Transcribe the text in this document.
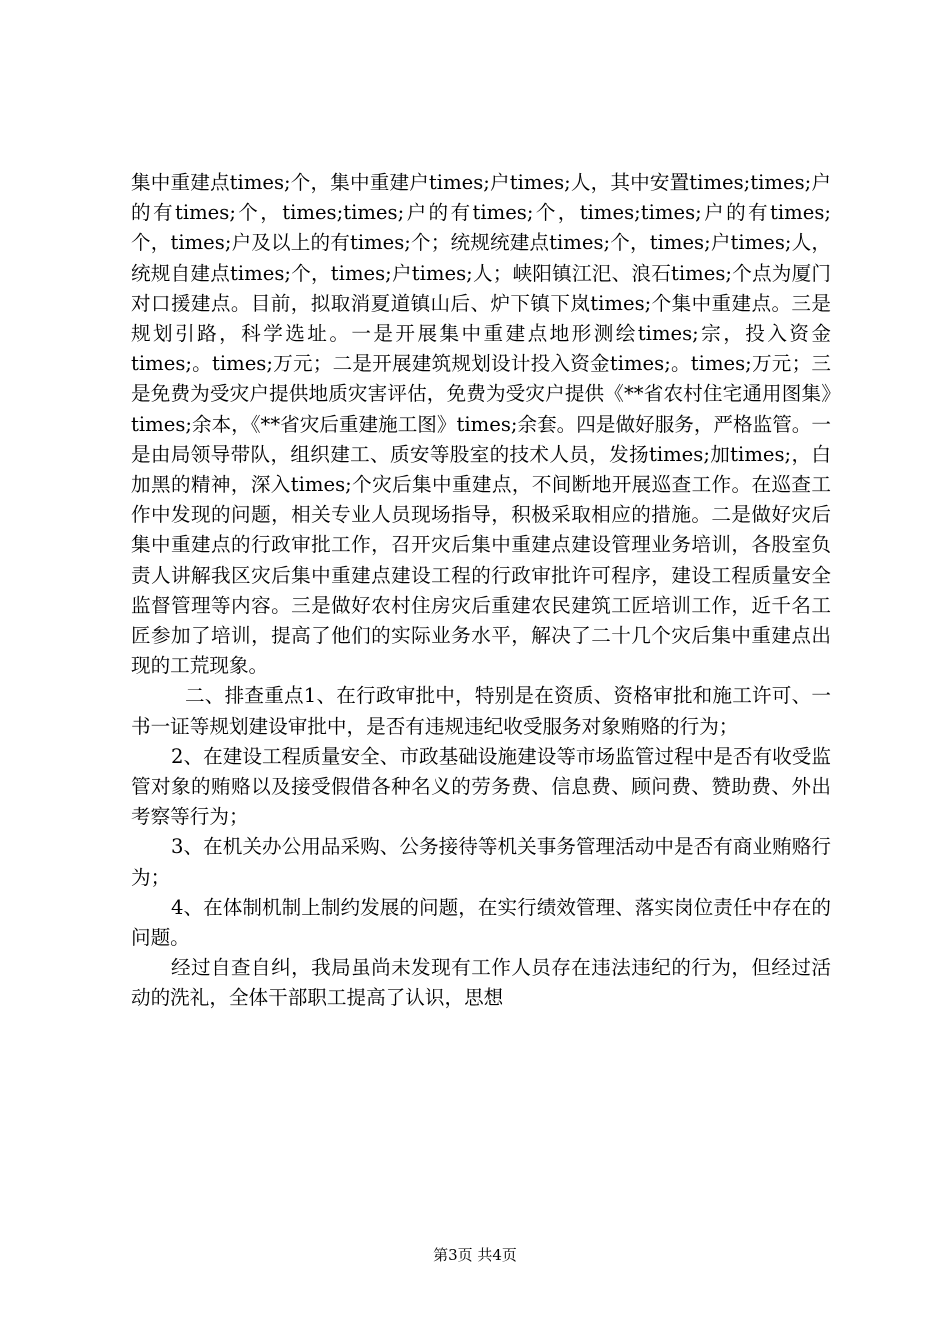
集中重建点times;个，集中重建户times;户times;人，其中安置times;times;户的有times;个，times;times;户的有times;个，times;times;户的有times;个，times;户及以上的有times;个；统规统建点times;个，times;户times;人，统规自建点times;个，times;户times;人；峡阳镇江汜、浪石times;个点为厦门对口援建点。目前，拟取消夏道镇山后、炉下镇下岚times;个集中重建点。三是规划引路，科学选址。一是开展集中重建点地形测绘times;宗，投入资金times;。times;万元；二是开展建筑规划设计投入资金times;。times;万元；三是免费为受灾户提供地质灾害评估，免费为受灾户提供《**省农村住宅通用图集》times;余本，《**省灾后重建施工图》times;余套。四是做好服务，严格监管。一是由局领导带队，组织建工、质安等股室的技术人员，发扬times;加times;，白加黑的精神，深入times;个灾后集中重建点，不间断地开展巡查工作。在巡查工作中发现的问题，相关专业人员现场指导，积极采取相应的措施。二是做好灾后集中重建点的行政审批工作，召开灾后集中重建点建设管理业务培训，各股室负责人讲解我区灾后集中重建点建设工程的行政审批许可程序，建设工程质量安全监督管理等内容。三是做好农村住房灾后重建农民建筑工匠培训工作，近千名工匠参加了培训，提高了他们的实际业务水平，解决了二十几个灾后集中重建点出现的工荒现象。

二、排查重点1、在行政审批中，特别是在资质、资格审批和施工许可、一书一证等规划建设审批中，是否有违规违纪收受服务对象贿赂的行为；

2、在建设工程质量安全、市政基础设施建设等市场监管过程中是否有收受监管对象的贿赂以及接受假借各种名义的劳务费、信息费、顾问费、赞助费、外出考察等行为；

3、在机关办公用品采购、公务接待等机关事务管理活动中是否有商业贿赂行为；

4、在体制机制上制约发展的问题，在实行绩效管理、落实岗位责任中存在的问题。

经过自查自纠，我局虽尚未发现有工作人员存在违法违纪的行为，但经过活动的洗礼，全体干部职工提高了认识，思想

第3页 共4页
